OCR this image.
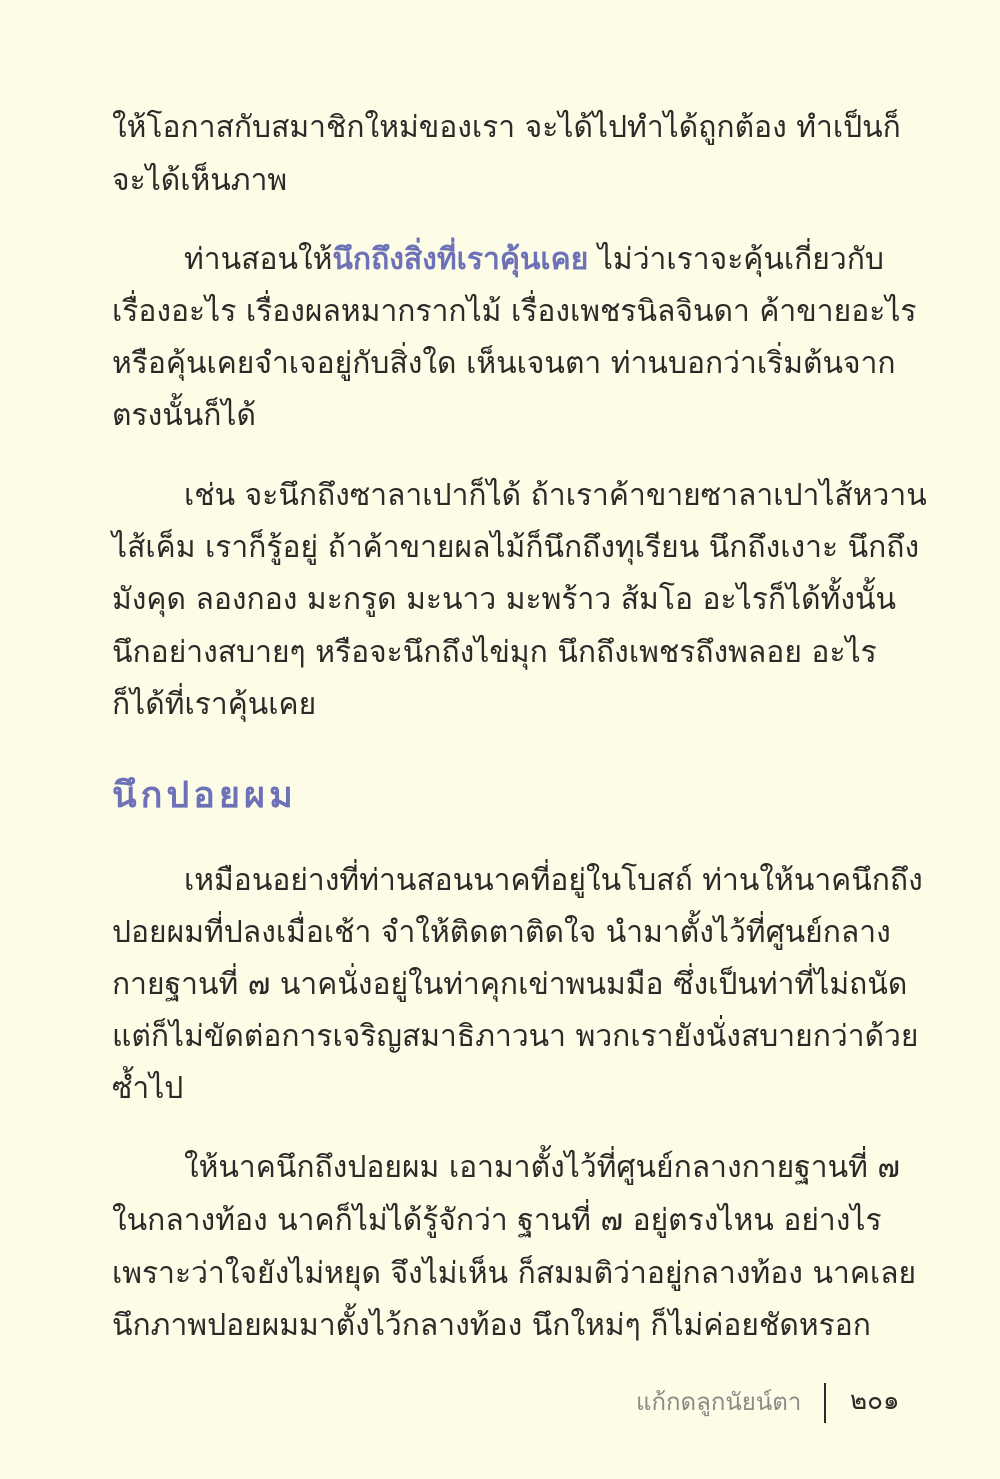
ให้โอกาสกับสมาชิกใหม่ของเรา จะได้ไปทำได้ถูกต้อง ทำเป็นก็

จะได้เห็นภาพ

ท่านสอนให้นึกถึงสิ่งที่เราคุ้นเคย ไม่ว่าเราจะคุ้นเกี่ยวกับ

เรื่องอะไร เรื่องผลหมากรากไม้ เรื่องเพชรนิลจินดา ค้าขายอะไร

หรือคุ้นเคยจำเจอยู่กับสิ่งใด เห็นเจนตา ท่านบอกว่าเริ่มต้นจาก

ตรงนั้นก็ได้

เช่น จะนึกถึงซาลาเปาก็ได้ ถ้าเราค้าขายซาลาเปาไส้หวาน

ไส้เค็ม เราก็รู้อยู่ ถ้าค้าขายผลไม้ก็นึกถึงทุเรียน นึกถึงเงาะ นึกถึง

มังคุด ลองกอง มะกรูด มะนาว มะพร้าว ส้มโอ อะไรก็ได้ทั้งนั้น

นึกอย่างสบายๆ หรือจะนึกถึงไข่มุก นึกถึงเพชรถึงพลอย อะไร

ก็ได้ที่เราคุ้นเคย

นึกปอยผม

เหมือนอย่างที่ท่านสอนนาคที่อยู่ในโบสถ์ ท่านให้นาคนึกถึง

ปอยผมที่ปลงเมื่อเช้า จำให้ติดตาติดใจ นำมาตั้งไว้ที่ศูนย์กลาง

กายฐานที่ ๗ นาคนั่งอยู่ในท่าคุกเข่าพนมมือ ซึ่งเป็นท่าที่ไม่ถนัด

แต่ก็ไม่ขัดต่อการเจริญสมาธิภาวนา พวกเรายังนั่งสบายกว่าด้วย

ซ้ำไป

ให้นาคนึกถึงปอยผม เอามาตั้งไว้ที่ศูนย์กลางกายฐานที่ ๗

ในกลางท้อง นาคก็ไม่ได้รู้จักว่า ฐานที่ ๗ อยู่ตรงไหน อย่างไร

เพราะว่าใจยังไม่หยุด จึงไม่เห็น ก็สมมติว่าอยู่กลางท้อง นาคเลย

นึกภาพปอยผมมาตั้งไว้กลางท้อง นึกใหม่ๆ ก็ไม่ค่อยชัดหรอก

แก้กดลูกนัยน์ตา ๒๐๑
